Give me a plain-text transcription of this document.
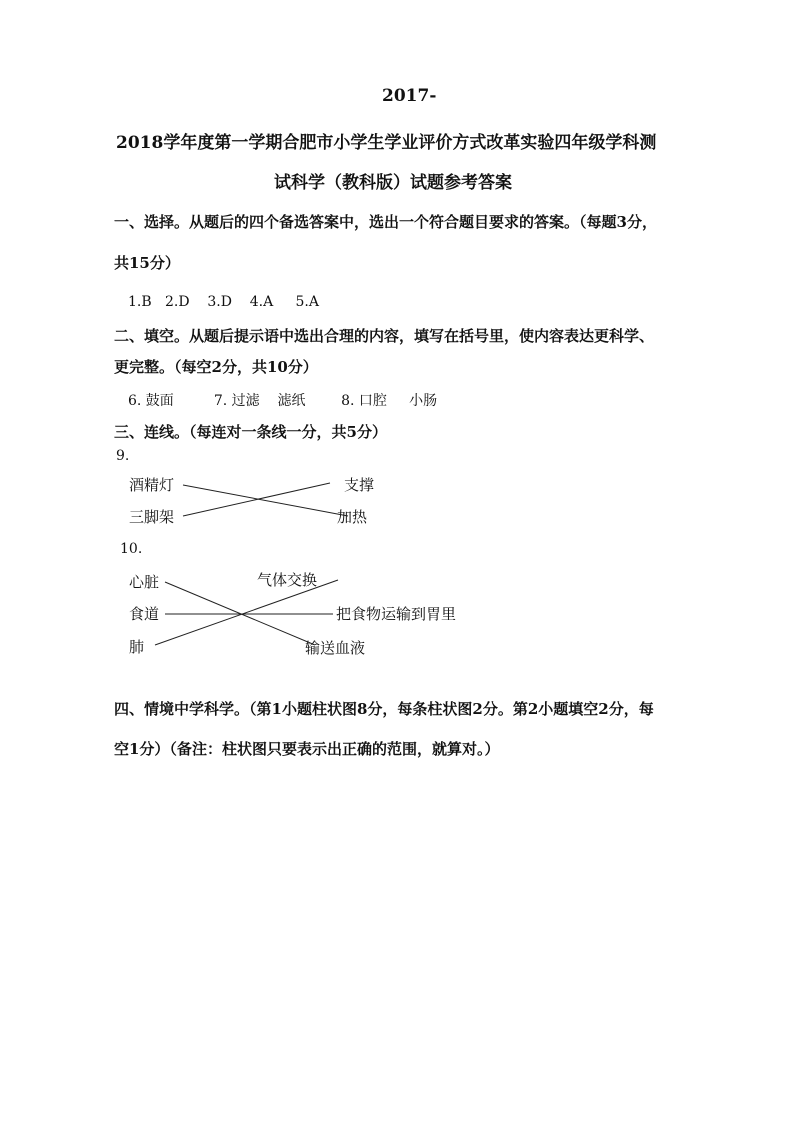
2017-
2018学年度第一学期合肥市小学生学业评价方式改革实验四年级学科测
试科学（教科版）试题参考答案
一、选择。从题后的四个备选答案中，选出一个符合题目要求的答案。（每题3分，
共15分）
1.B   2.D    3.D    4.A     5.A
二、填空。从题后提示语中选出合理的内容，填写在括号里，使内容表达更科学、
更完整。（每空2分，共10分）
6. 鼓面         7. 过滤    滤纸        8. 口腔     小肠
三、连线。（每连对一条线一分，共5分）
9.
酒精灯
三脚架
支撑
加热
10.
心脏
食道
肺
气体交换
把食物运输到胃里
输送血液
四、情境中学科学。（第1小题柱状图8分，每条柱状图2分。第2小题填空2分，每
空1分）（备注：柱状图只要表示出正确的范围，就算对。）
